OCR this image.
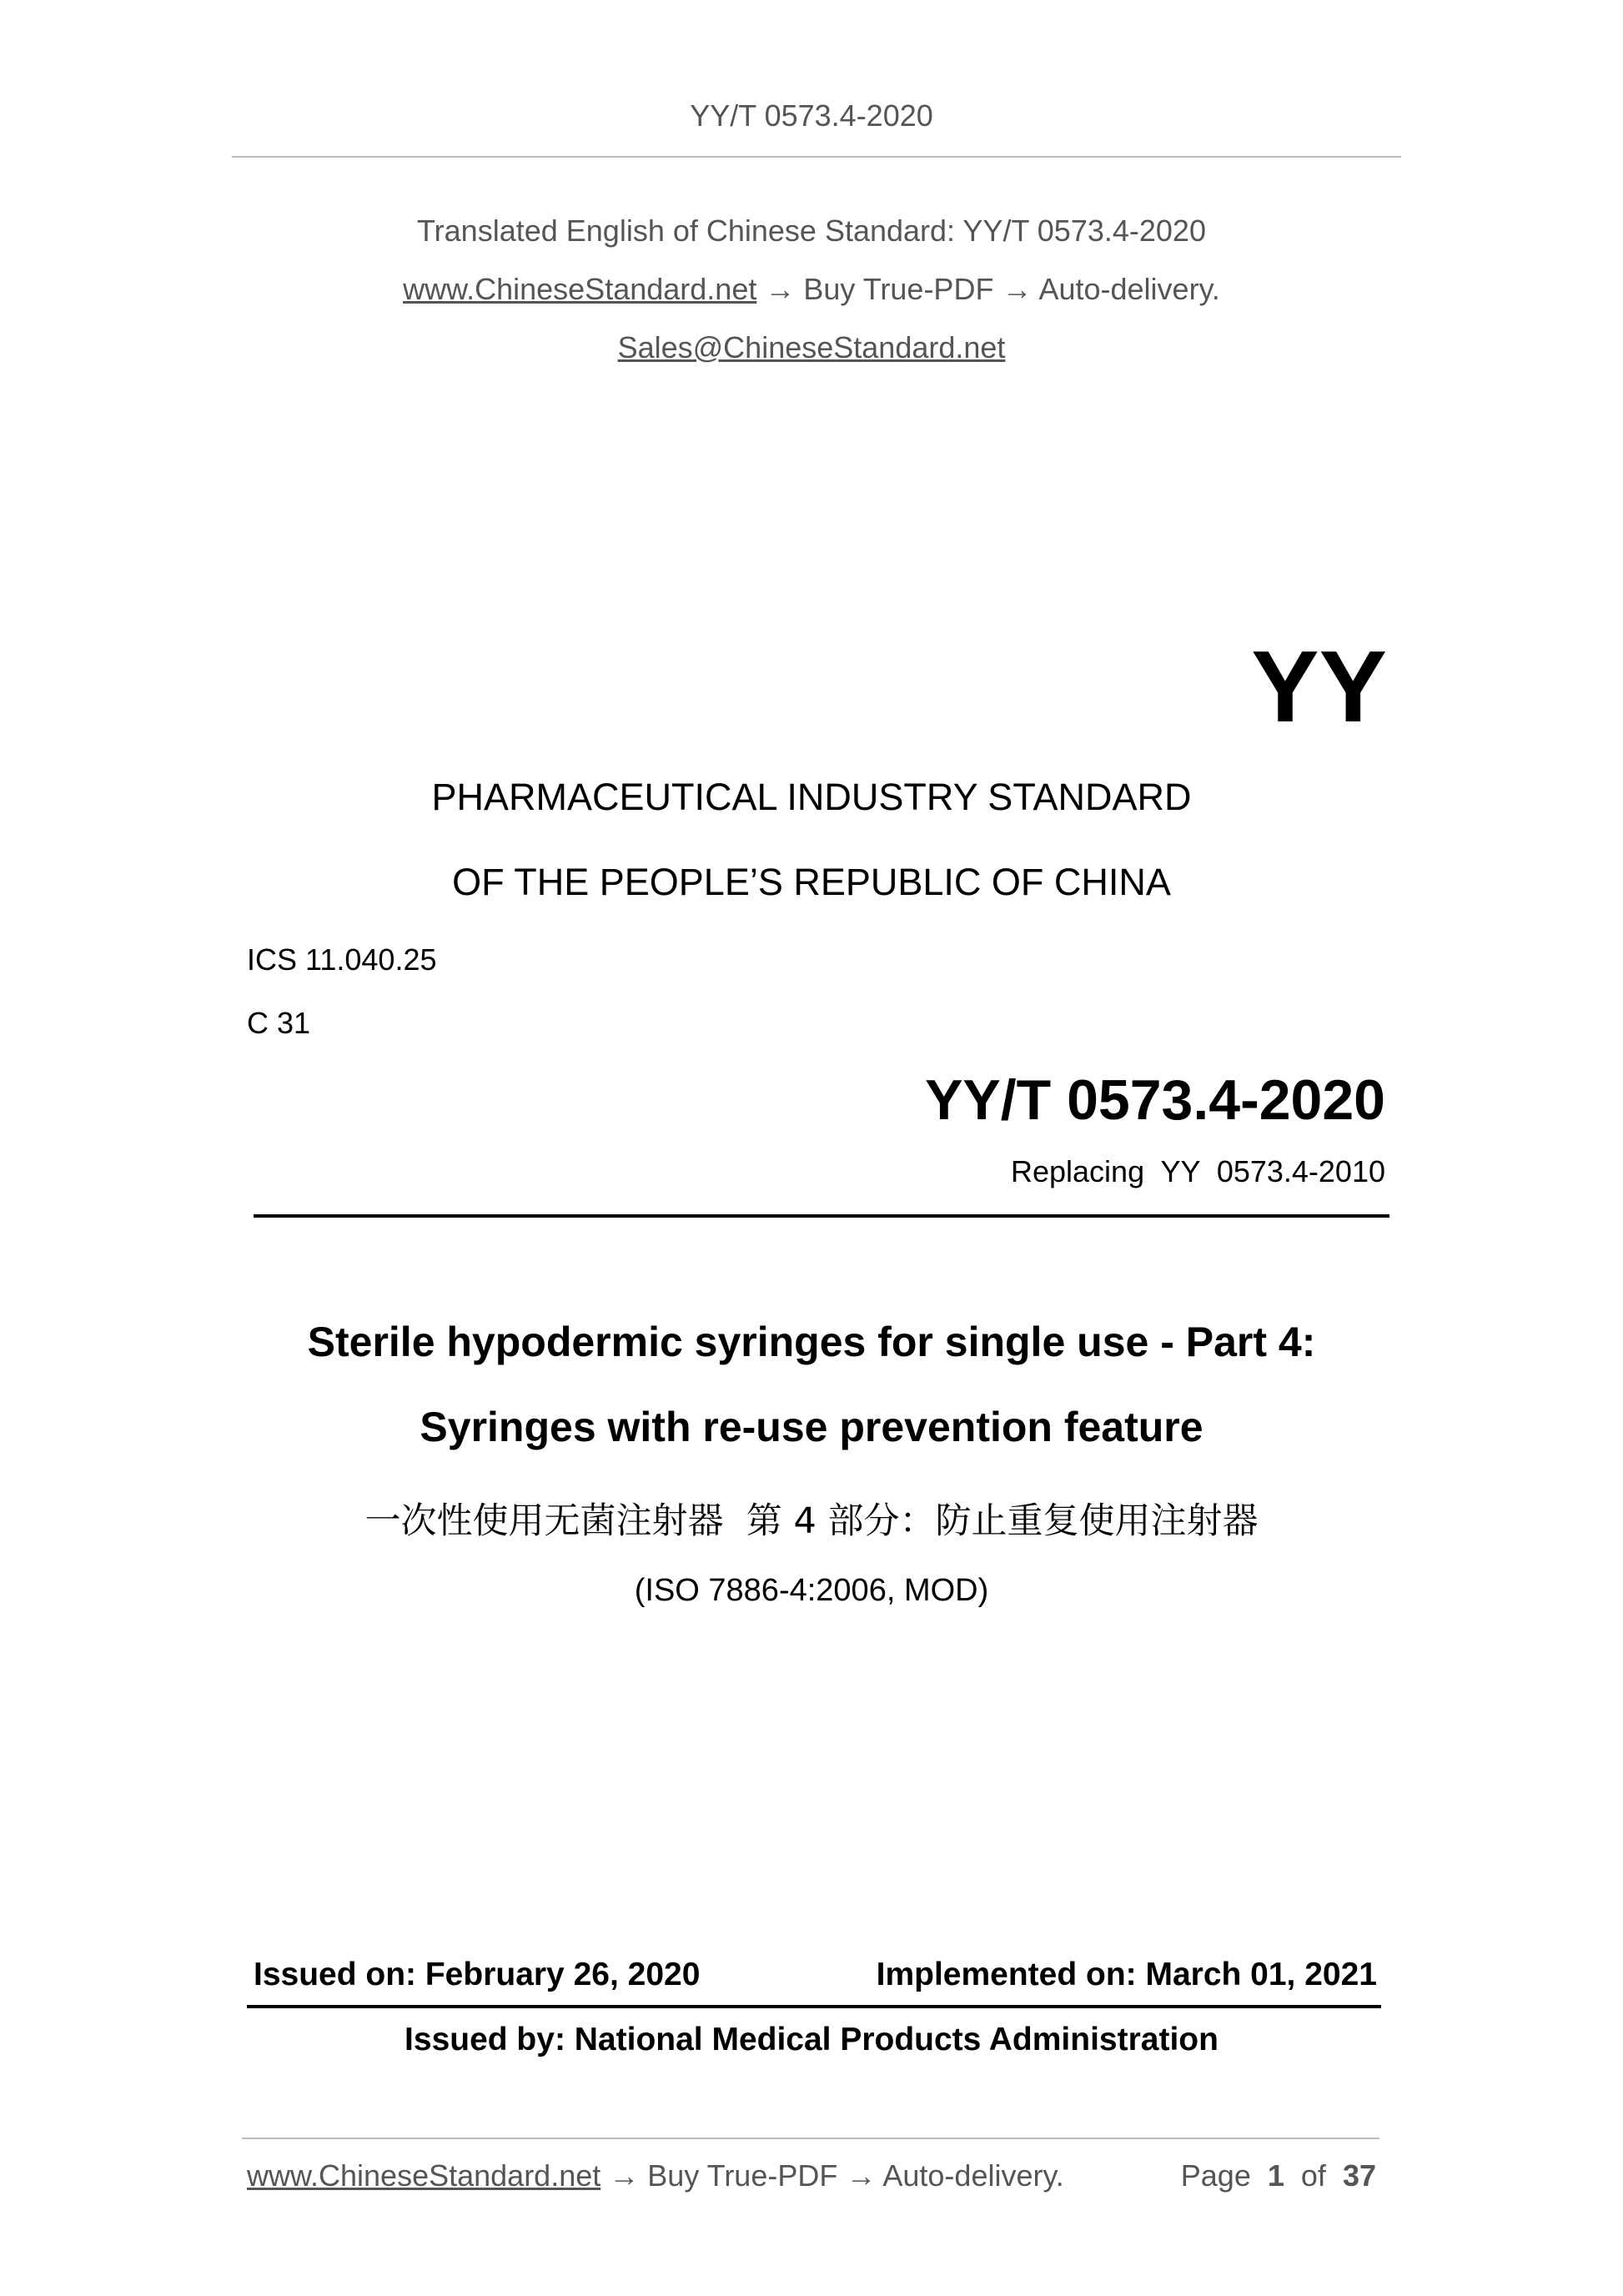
YY/T 0573.4-2020
Translated English of Chinese Standard: YY/T 0573.4-2020
www.ChineseStandard.net → Buy True-PDF → Auto-delivery.
Sales@ChineseStandard.net
YY
PHARMACEUTICAL INDUSTRY STANDARD
OF THE PEOPLE’S REPUBLIC OF CHINA
ICS 11.040.25
C 31
YY/T 0573.4-2020
Replacing  YY  0573.4-2010
Sterile hypodermic syringes for single use - Part 4:
Syringes with re-use prevention feature
一次性使用无菌注射器  第 4 部分：防止重复使用注射器
(ISO 7886-4:2006, MOD)
Issued on: February 26, 2020	Implemented on: March 01, 2021
Issued by: National Medical Products Administration
www.ChineseStandard.net → Buy True-PDF → Auto-delivery.	Page 1 of 37
